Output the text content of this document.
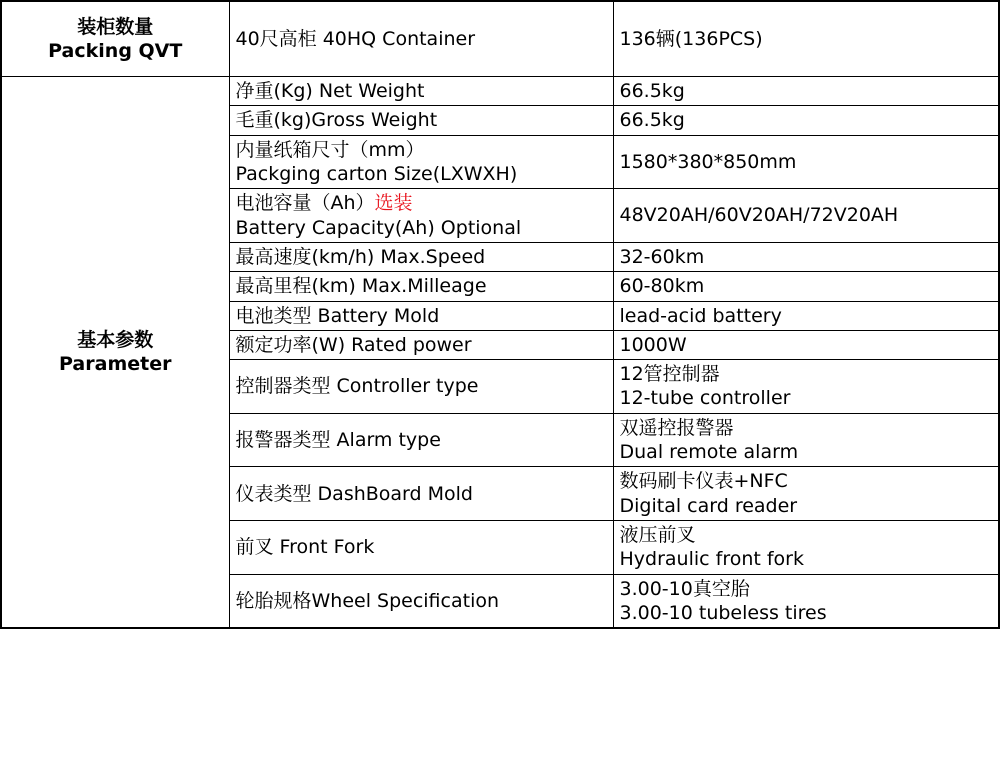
装柜数量
Packing QVT	40尺高柜 40HQ Container	136辆(136PCS)

基本参数
Parameter	净重(Kg) Net Weight	66.5kg
	毛重(kg)Gross Weight	66.5kg

	内量纸箱尺寸（mm）
Packging carton Size(LXWXH)	1580*380*850mm

	电池容量（Ah）选装
Battery Capacity(Ah) Optional	48V20AH/60V20AH/72V20AH
	最高速度(km/h) Max.Speed	32-60km
	最高里程(km) Max.Milleage	60-80km
	电池类型 Battery Mold	lead-acid battery
	额定功率(W) Rated power	1000W
	控制器类型 Controller type	12管控制器
12-tube controller

	报警器类型 Alarm type	双遥控报警器
Dual remote alarm

	仪表类型 DashBoard Mold	数码刷卡仪表+NFC
Digital card reader

	前叉 Front Fork	液压前叉
Hydraulic front fork

	轮胎规格Wheel Specification	3.00-10真空胎
3.00-10 tubeless tires
